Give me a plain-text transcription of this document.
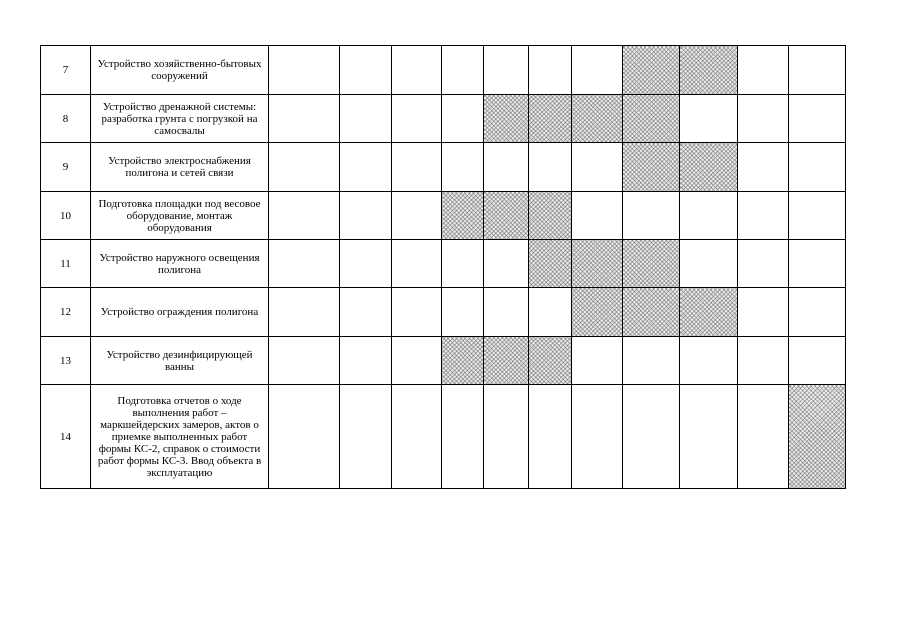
7	Устройство хозяйственно-бытовых сооружений											
8	Устройство дренажной системы: разработка грунта с погрузкой на самосвалы											
9	Устройство электроснабжения полигона и сетей связи											
10	Подготовка площадки под весовое оборудование, монтаж оборудования											
11	Устройство наружного освещения полигона											
12	Устройство ограждения полигона											
13	Устройство дезинфицирующей ванны											
14	Подготовка отчетов о ходе выполнения работ – маркшейдерских замеров, актов о приемке выполненных работ формы КС-2, справок о стоимости работ формы КС-3. Ввод объекта в эксплуатацию											
